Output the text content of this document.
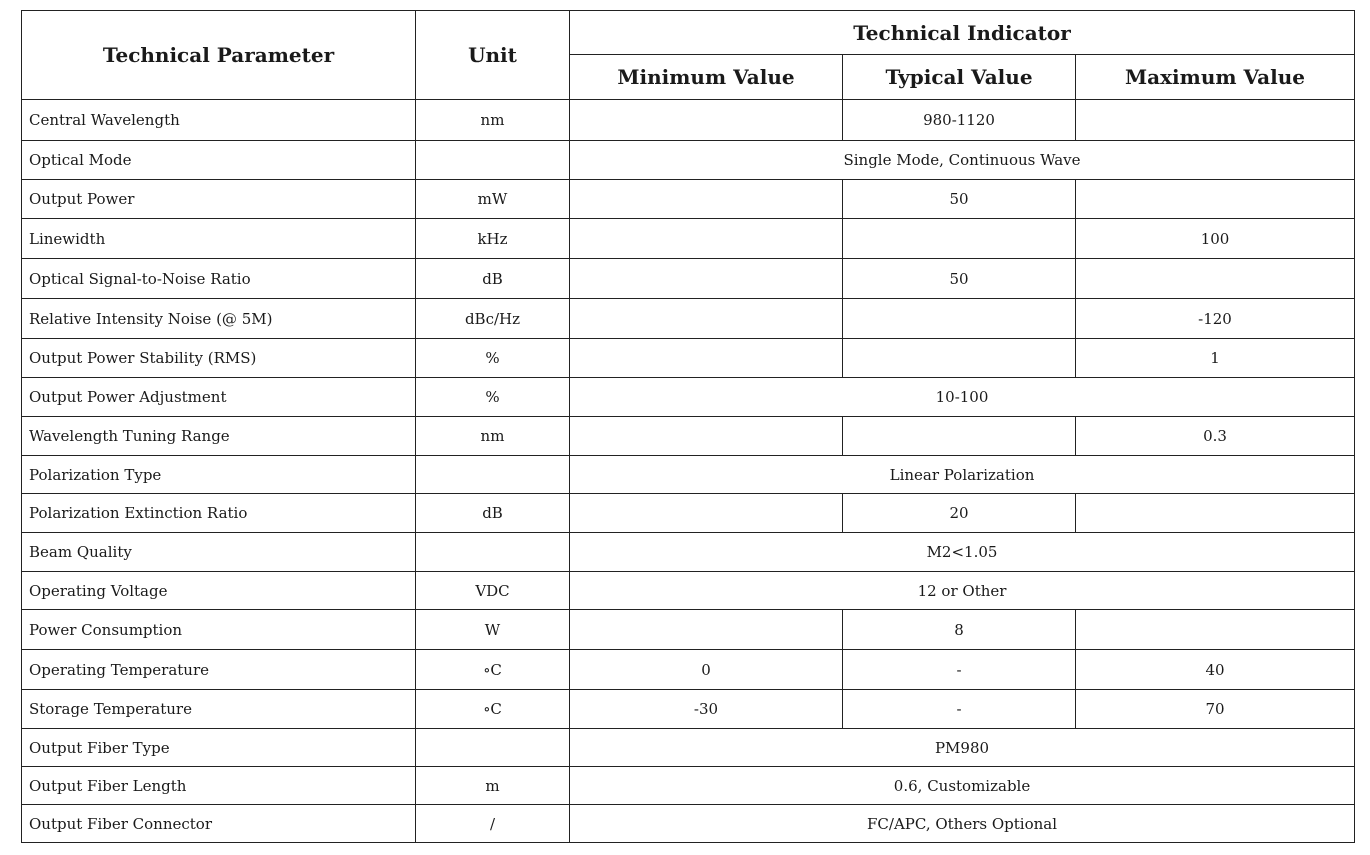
Technical Parameter	Unit	Technical Indicator		
		Minimum Value	Typical Value	Maximum Value
Central Wavelength	nm		980-1120	
Optical Mode		Single Mode, Continuous Wave		
Output Power	mW		50	
Linewidth	kHz			100
Optical Signal-to-Noise Ratio	dB		50	
Relative Intensity Noise (@ 5M)	dBc/Hz			-120
Output Power Stability (RMS)	%			1
Output Power Adjustment	%	10-100		
Wavelength Tuning Range	nm			0.3
Polarization Type		Linear Polarization		
Polarization Extinction Ratio	dB		20	
Beam Quality		M2<1.05		
Operating Voltage	VDC	12 or Other		
Power Consumption	W		8	
Operating Temperature	∘C	0	-	40
Storage Temperature	∘C	-30	-	70
Output Fiber Type		PM980		
Output Fiber Length	m	0.6, Customizable		
Output Fiber Connector	/	FC/APC, Others Optional		
